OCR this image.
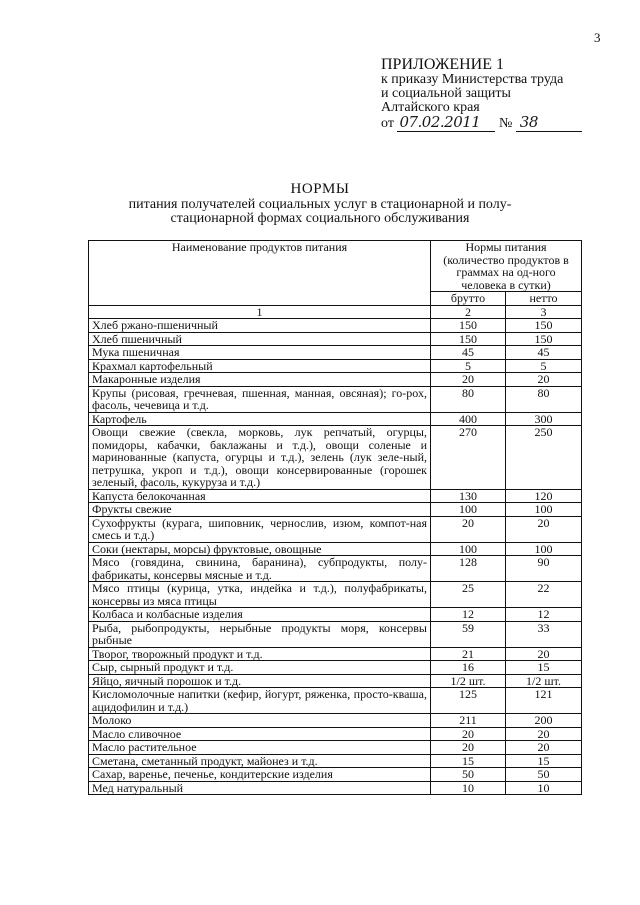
3
ПРИЛОЖЕНИЕ 1
к приказу Министерства труда
и социальной защиты
Алтайского края
от 07.02.2011 № 38
НОРМЫ
питания получателей социальных услуг в стационарной и полу-
стационарной формах социального обслуживания
Наименование продуктов питания	Нормы питания (количество продуктов в граммах на од-ного человека в сутки)	
	брутто	нетто
1	2	3
Хлеб ржано-пшеничный	150	150
Хлеб пшеничный	150	150
Мука пшеничная	45	45
Крахмал картофельный	5	5
Макаронные изделия	20	20
Крупы (рисовая, гречневая, пшенная, манная, овсяная); го-рох, фасоль, чечевица и т.д.	80	80
Картофель	400	300
Овощи свежие (свекла, морковь, лук репчатый, огурцы, помидоры, кабачки, баклажаны и т.д.), овощи соленые и маринованные (капуста, огурцы и т.д.), зелень (лук зеле-ный, петрушка, укроп и т.д.), овощи консервированные (горошек зеленый, фасоль, кукуруза и т.д.)	270	250
Капуста белокочанная	130	120
Фрукты свежие	100	100
Сухофрукты (курага, шиповник, чернослив, изюм, компот-ная смесь и т.д.)	20	20
Соки (нектары, морсы) фруктовые, овощные	100	100
Мясо (говядина, свинина, баранина), субпродукты, полу-фабрикаты, консервы мясные и т.д.	128	90
Мясо птицы (курица, утка, индейка и т.д.), полуфабрикаты, консервы из мяса птицы	25	22
Колбаса и колбасные изделия	12	12
Рыба, рыбопродукты, нерыбные продукты моря, консервы рыбные	59	33
Творог, творожный продукт и т.д.	21	20
Сыр, сырный продукт и т.д.	16	15
Яйцо, яичный порошок и т.д.	1/2 шт.	1/2 шт.
Кисломолочные напитки (кефир, йогурт, ряженка, просто-кваша, ацидофилин и т.д.)	125	121
Молоко	211	200
Масло сливочное	20	20
Масло растительное	20	20
Сметана, сметанный продукт, майонез и т.д.	15	15
Сахар, варенье, печенье, кондитерские изделия	50	50
Мед натуральный	10	10
